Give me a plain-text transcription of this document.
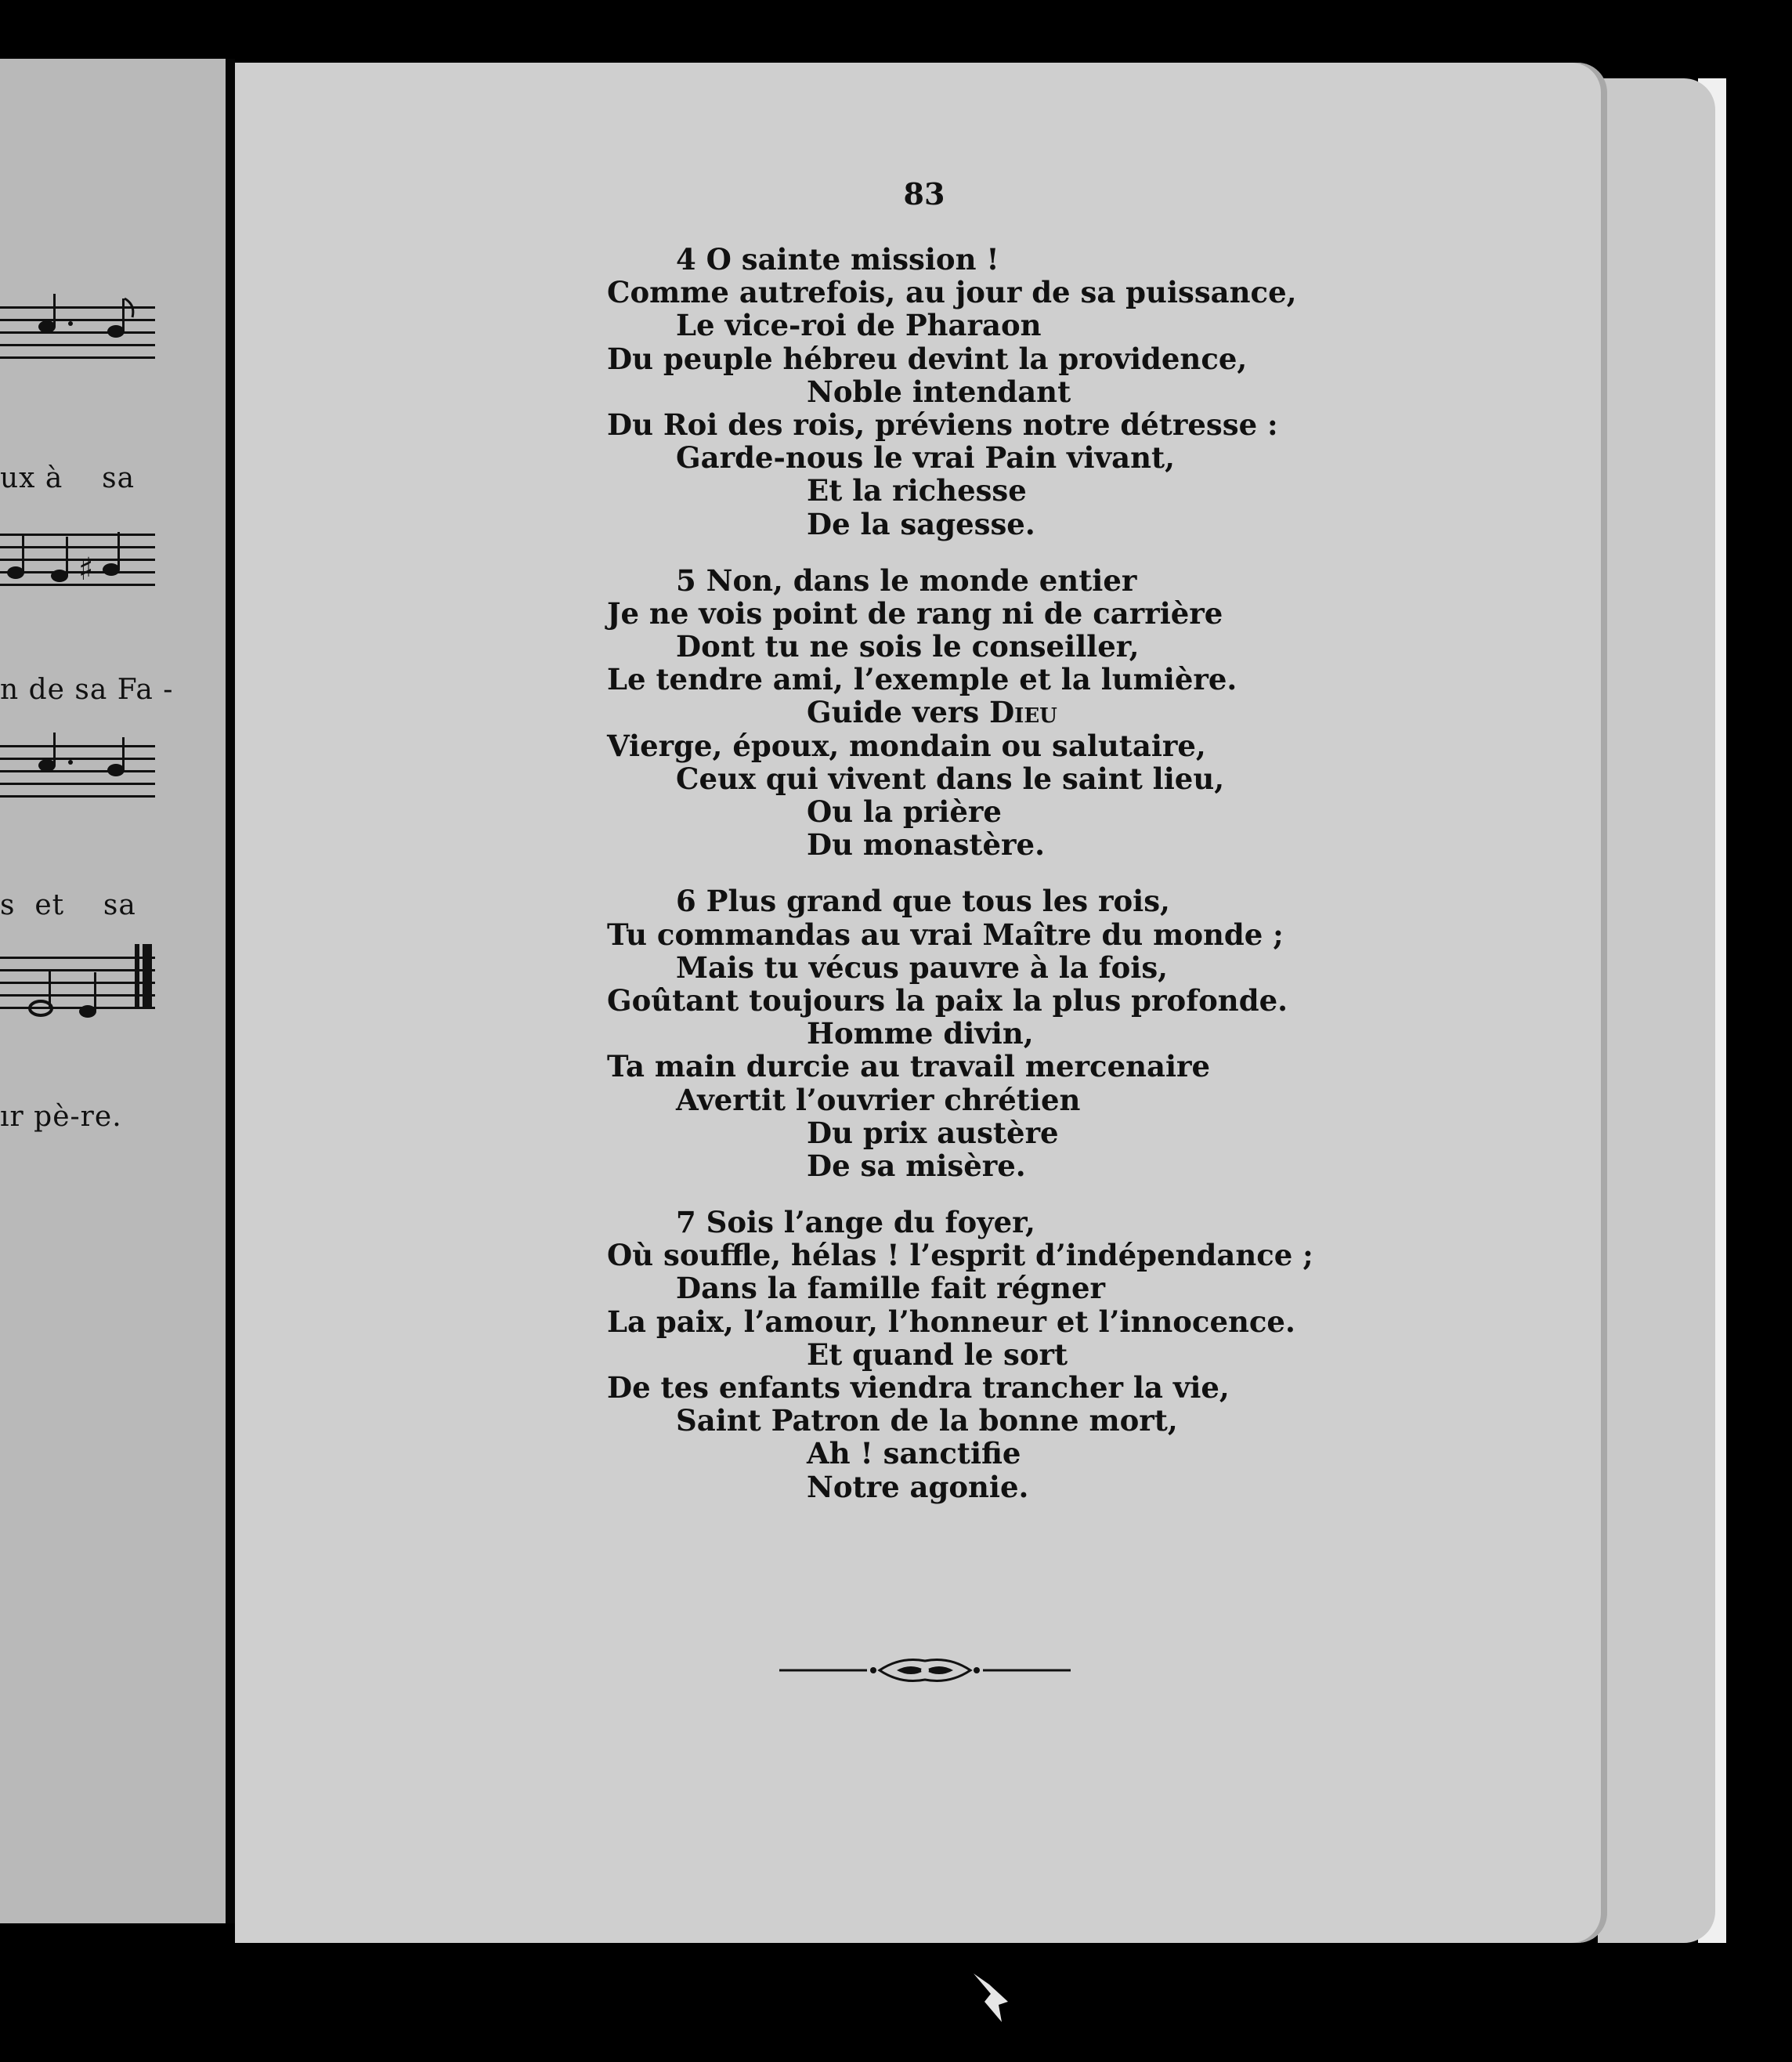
ux à    sa
♯
n de sa Fa -
s  et    sa
ır pè-re.
83
4 O sainte mission !
Comme autrefois, au jour de sa puissance,
Le vice-roi de Pharaon
Du peuple hébreu devint la providence,
Noble intendant
Du Roi des rois, préviens notre détresse :
Garde-nous le vrai Pain vivant,
Et la richesse
De la sagesse.
5 Non, dans le monde entier
Je ne vois point de rang ni de carrière
Dont tu ne sois le conseiller,
Le tendre ami, l’exemple et la lumière.
Guide vers Dieu
Vierge, époux, mondain ou salutaire,
Ceux qui vivent dans le saint lieu,
Ou la prière
Du monastère.
6 Plus grand que tous les rois,
Tu commandas au vrai Maître du monde ;
Mais tu vécus pauvre à la fois,
Goûtant toujours la paix la plus profonde.
Homme divin,
Ta main durcie au travail mercenaire
Avertit l’ouvrier chrétien
Du prix austère
De sa misère.
7 Sois l’ange du foyer,
Où souffle, hélas ! l’esprit d’indépendance ;
Dans la famille fait régner
La paix, l’amour, l’honneur et l’innocence.
Et quand le sort
De tes enfants viendra trancher la vie,
Saint Patron de la bonne mort,
Ah ! sanctifie
Notre agonie.
